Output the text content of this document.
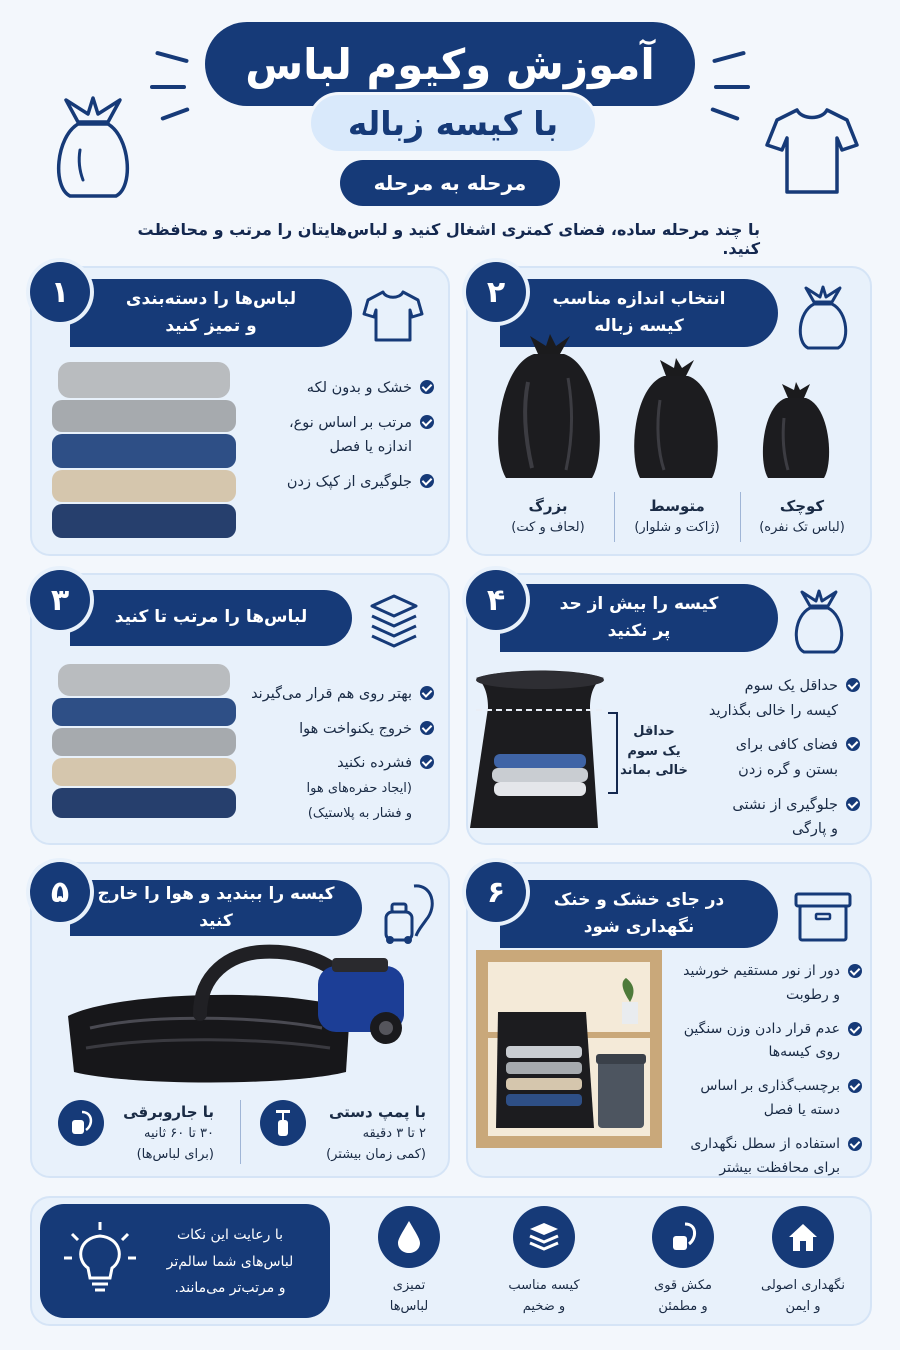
آموزش وکیوم لباس
با کیسه زباله
مرحله به مرحله
با چند مرحله ساده، فضای کمتری اشغال کنید و لباس‌هایتان را مرتب و محافظت کنید.
لباس‌ها را دسته‌بندی
و تمیز کنید
۱
خشک و بدون لکه
مرتب بر اساس نوع،
اندازه یا فصل
جلوگیری از کپک زدن
انتخاب اندازه مناسب
کیسه زباله
۲
بزرگ
(لحاف و کت)
متوسط
(ژاکت و شلوار)
کوچک
(لباس تک نفره)
لباس‌ها را مرتب تا کنید
۳
بهتر روی هم قرار می‌گیرند
خروج یکنواخت هوا
فشرده نکنید
(ایجاد حفره‌های هوا
و فشار به پلاستیک)
کیسه را بیش از حد
پر نکنید
۴
حداقل
یک سوم
خالی بماند
حداقل یک سوم
کیسه را خالی بگذارید
فضای کافی برای
بستن و گره زدن
جلوگیری از نشتی
و پارگی
کیسه را ببندید و هوا را خارج کنید
۵
با جاروبرقی
۳۰ تا ۶۰ ثانیه
(برای لباس‌ها)
با پمپ دستی
۲ تا ۳ دقیقه
(کمی زمان بیشتر)
در جای خشک و خنک
نگهداری شود
۶
دور از نور مستقیم خورشید
و رطوبت
عدم قرار دادن وزن سنگین
روی کیسه‌ها
برچسب‌گذاری بر اساس
دسته یا فصل
استفاده از سطل نگهداری
برای محافظت بیشتر
با رعایت این نکات
لباس‌های شما سالم‌تر
و مرتب‌تر می‌مانند.	تمیزی
لباس‌ها
کیسه مناسب
و ضخیم
مکش قوی
و مطمئن
نگهداری اصولی
و ایمن
